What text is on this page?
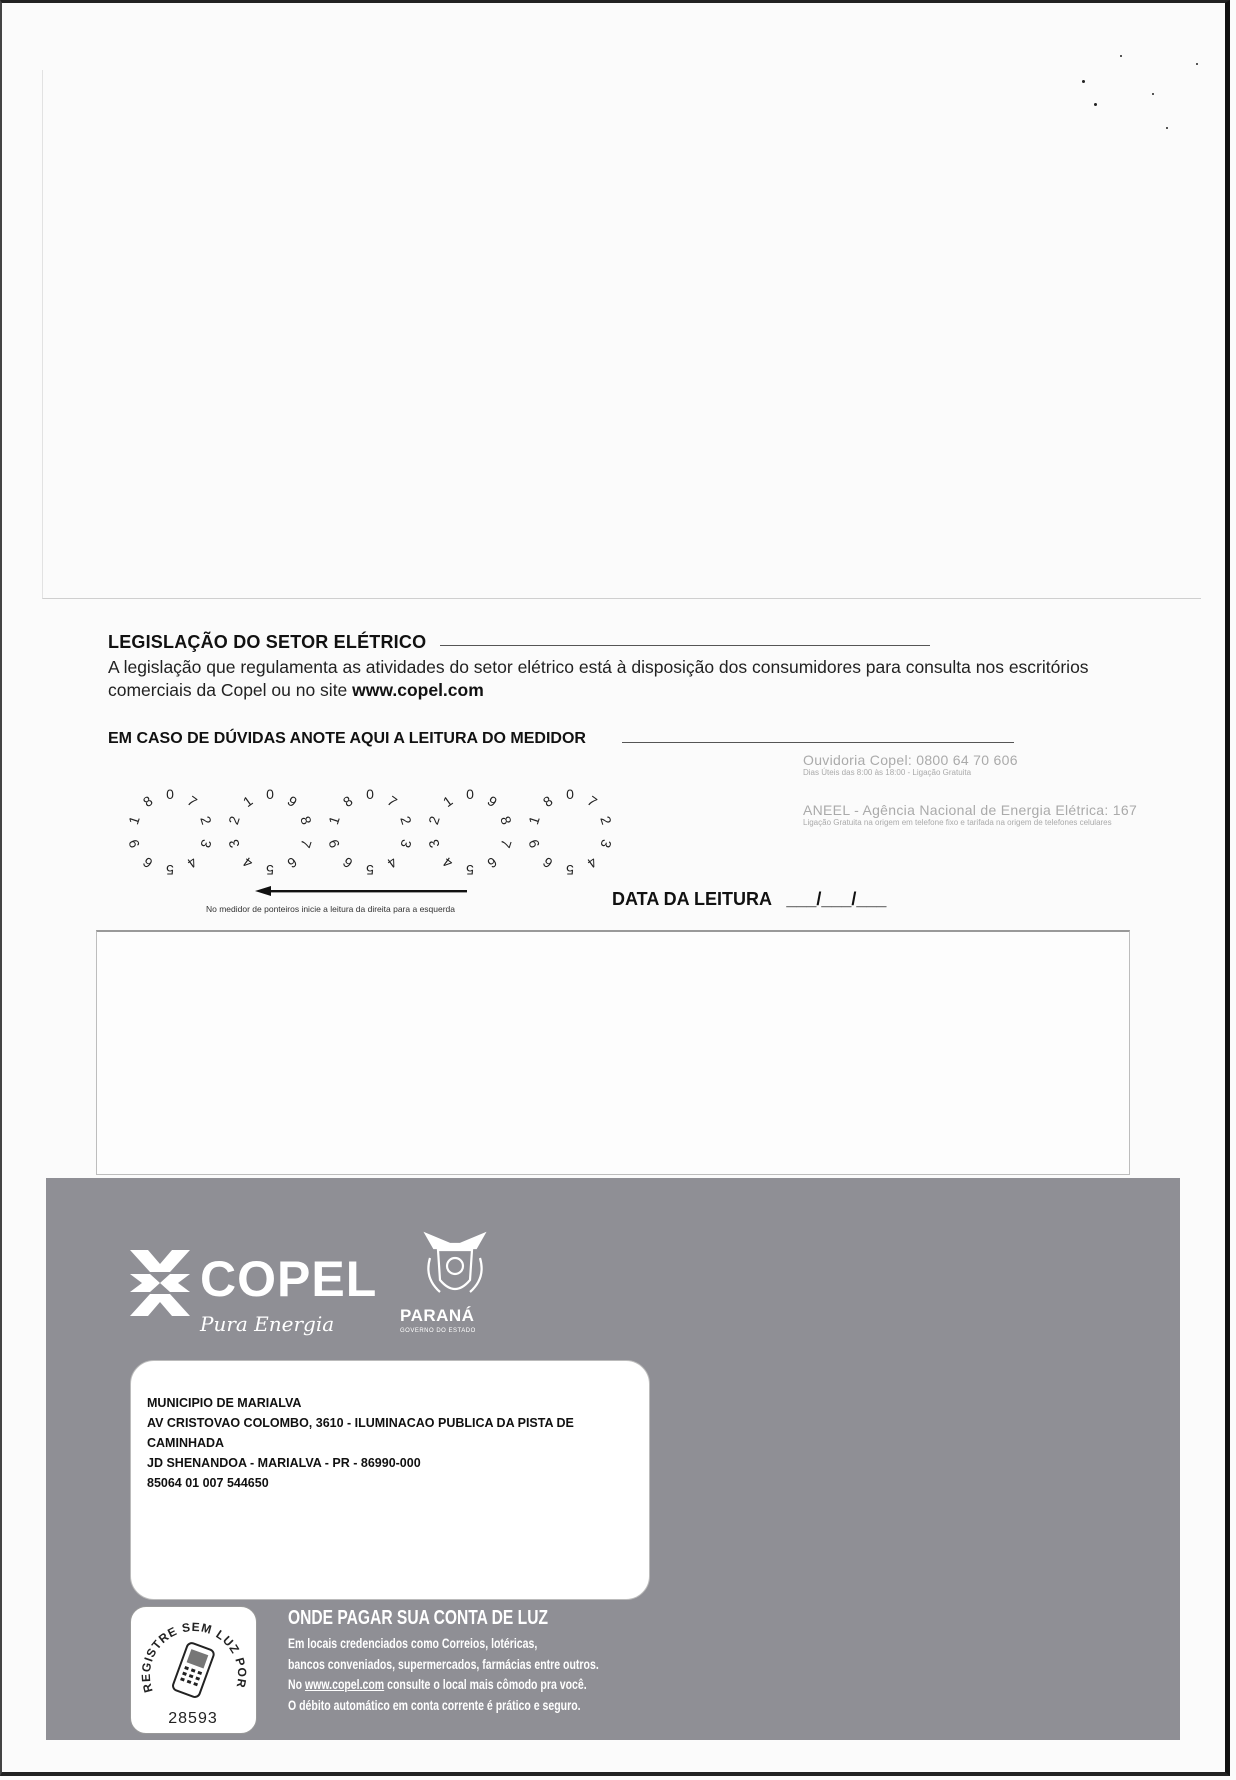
LEGISLAÇÃO DO SETOR ELÉTRICO
A legislação que regulamenta as atividades do setor elétrico está à disposição dos consumidores para consulta nos escritórios comerciais da Copel ou no site www.copel.com
EM CASO DE DÚVIDAS ANOTE AQUI A LEITURA DO MEDIDOR
Ouvidoria Copel: 0800 64 70 606
Dias Úteis das 8:00 às 18:00 - Ligação Gratuita
ANEEL - Agência Nacional de Energia Elétrica: 167
Ligação Gratuita na origem em telefone fixo e tarifada na origem de telefones celulares
0 7
2
3
4
5
6
9
1
8	0 9
8
7
6
5
4
3
2
1	0 7
2
3
4
5
6
9
1
8	0 9
8
7
6
5
4
3
2
1	0 7
2
3
4
5
6
9
1
8
No medidor de ponteiros inicie a leitura da direita para a esquerda	DATA DA LEITURA ___/___/___
COPEL
Pura Energia	PARANÁ
GOVERNO DO ESTADO

MUNICIPIO DE MARIALVA

AV CRISTOVAO COLOMBO, 3610 - ILUMINACAO PUBLICA DA PISTA DE

CAMINHADA

JD SHENANDOA - MARIALVA - PR - 86990-000

85064 01 007 544650

REGISTRE SEM LUZ POR
28593

ONDE PAGAR SUA CONTA DE LUZ

Em locais credenciados como Correios, lotéricas,

bancos conveniados, supermercados, farmácias entre outros.

No www.copel.com consulte o local mais cômodo pra você.

O débito automático em conta corrente é prático e seguro.
